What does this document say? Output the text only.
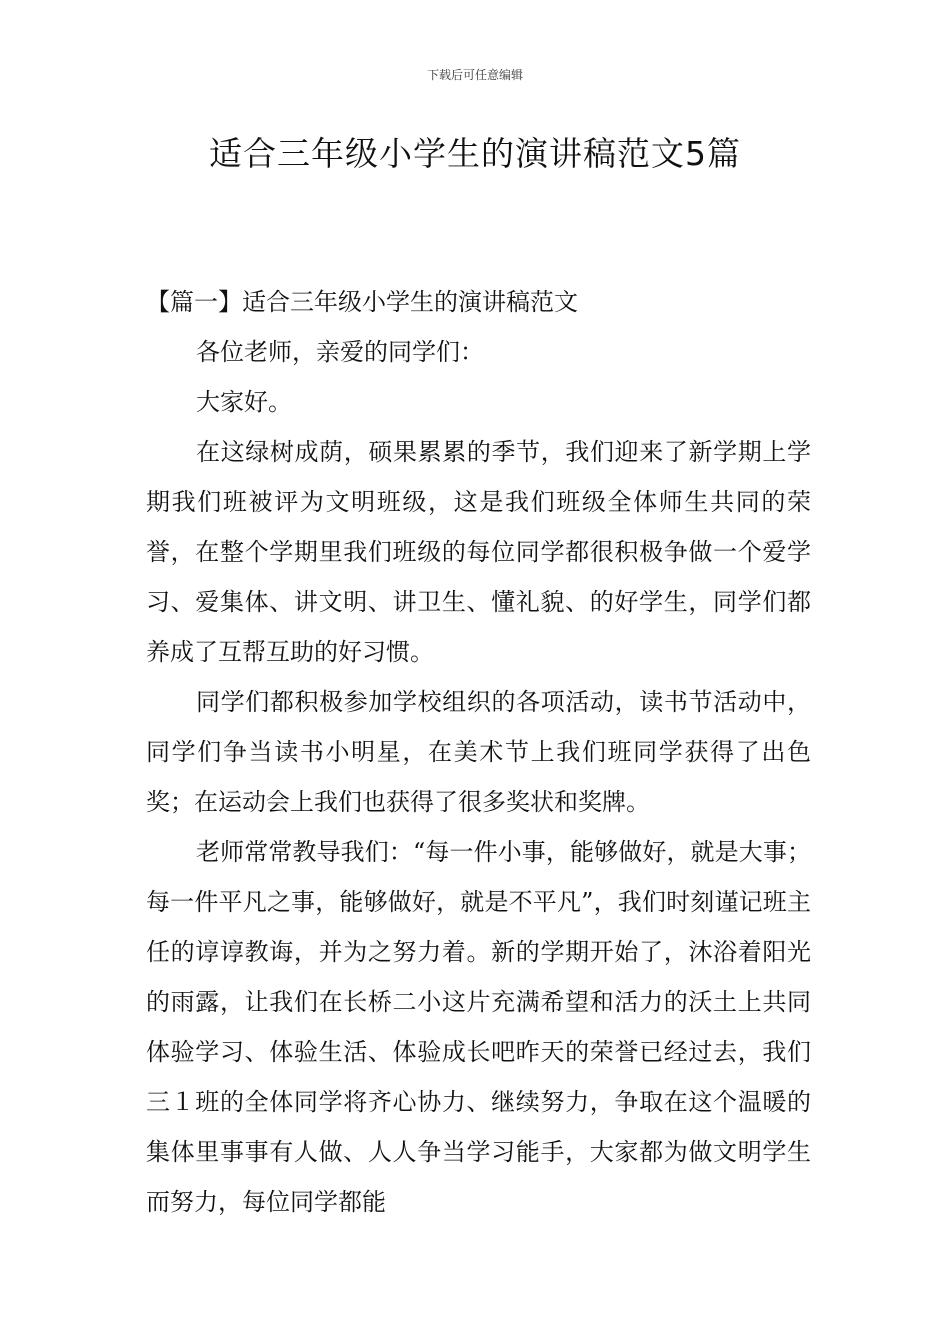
下载后可任意编辑
适合三年级小学生的演讲稿范文5篇

【篇一】适合三年级小学生的演讲稿范文

各位老师，亲爱的同学们：

大家好。

在这绿树成荫，硕果累累的季节，我们迎来了新学期上学期我们班被评为文明班级，这是我们班级全体师生共同的荣誉，在整个学期里我们班级的每位同学都很积极争做一个爱学习、爱集体、讲文明、讲卫生、懂礼貌、的好学生，同学们都养成了互帮互助的好习惯。

同学们都积极参加学校组织的各项活动，读书节活动中，同学们争当读书小明星，在美术节上我们班同学获得了出色奖；在运动会上我们也获得了很多奖状和奖牌。

老师常常教导我们：“每一件小事，能够做好，就是大事；每一件平凡之事，能够做好，就是不平凡”，我们时刻谨记班主任的谆谆教诲，并为之努力着。新的学期开始了，沐浴着阳光的雨露，让我们在长桥二小这片充满希望和活力的沃土上共同体验学习、体验生活、体验成长吧昨天的荣誉已经过去，我们三１班的全体同学将齐心协力、继续努力，争取在这个温暖的集体里事事有人做、人人争当学习能手，大家都为做文明学生而努力，每位同学都能
